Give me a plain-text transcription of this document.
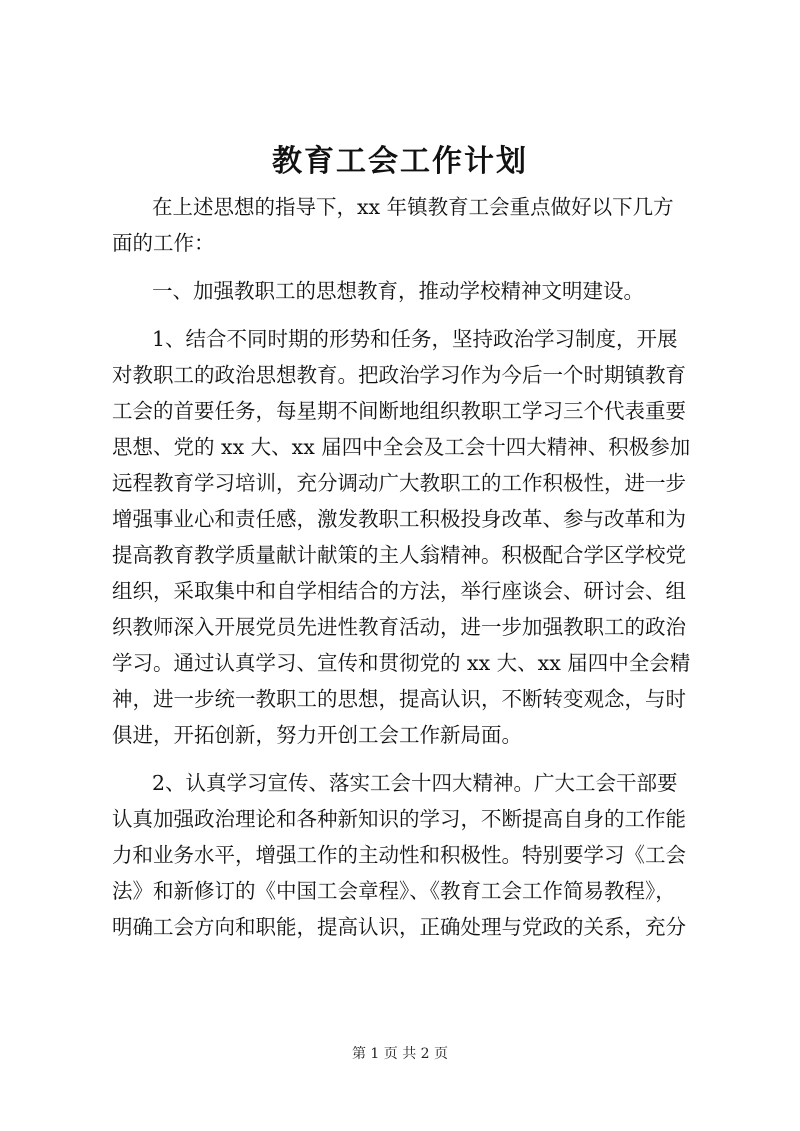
教育工会工作计划
在上述思想的指导下，xx 年镇教育工会重点做好以下几方
面的工作：
一、加强教职工的思想教育，推动学校精神文明建设。
1、结合不同时期的形势和任务，坚持政治学习制度，开展
对教职工的政治思想教育。把政治学习作为今后一个时期镇教育
工会的首要任务，每星期不间断地组织教职工学习三个代表重要
思想、党的 xx 大、xx 届四中全会及工会十四大精神、积极参加
远程教育学习培训，充分调动广大教职工的工作积极性，进一步
增强事业心和责任感，激发教职工积极投身改革、参与改革和为
提高教育教学质量献计献策的主人翁精神。积极配合学区学校党
组织，采取集中和自学相结合的方法，举行座谈会、研讨会、组
织教师深入开展党员先进性教育活动，进一步加强教职工的政治
学习。通过认真学习、宣传和贯彻党的 xx 大、xx 届四中全会精
神，进一步统一教职工的思想，提高认识，不断转变观念，与时
俱进，开拓创新，努力开创工会工作新局面。
2、认真学习宣传、落实工会十四大精神。广大工会干部要
认真加强政治理论和各种新知识的学习，不断提高自身的工作能
力和业务水平，增强工作的主动性和积极性。特别要学习《工会
法》和新修订的《中国工会章程》、《教育工会工作简易教程》，
明确工会方向和职能，提高认识，正确处理与党政的关系，充分
第 1 页 共 2 页
